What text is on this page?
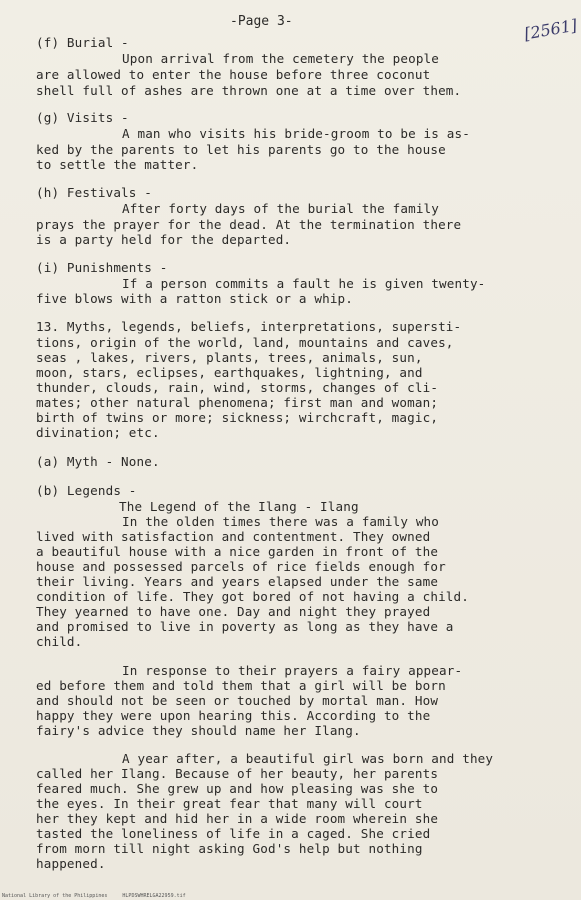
-Page 3-	[2561]
(f) Burial -
Upon arrival from the cemetery the people
are allowed to enter the house before three coconut
shell full of ashes are thrown one at a time over them.
(g) Visits -
A man who visits his bride-groom to be is as-
ked by the parents to let his parents go to the house
to settle the matter.
(h) Festivals -
After forty days of the burial the family
prays the prayer for the dead. At the termination there
is a party held for the departed.
(i) Punishments -
If a person commits a fault he is given twenty-
five blows with a ratton stick or a whip.
13. Myths, legends, beliefs, interpretations, supersti-
tions, origin of the world, land, mountains and caves,
seas , lakes, rivers, plants, trees, animals, sun,
moon, stars, eclipses, earthquakes, lightning, and
thunder, clouds, rain, wind, storms, changes of cli-
mates; other natural phenomena; first man and woman;
birth of twins or more; sickness; wirchcraft, magic,
divination; etc.
(a) Myth - None.
(b) Legends -
The Legend of the Ilang - Ilang
In the olden times there was a family who
lived with satisfaction and contentment. They owned
a beautiful house with a nice garden in front of the
house and possessed parcels of rice fields enough for
their living. Years and years elapsed under the same
condition of life. They got bored of not having a child.
They yearned to have one. Day and night they prayed
and promised to live in poverty as long as they have a
child.
In response to their prayers a fairy appear-
ed before them and told them that a girl will be born
and should not be seen or touched by mortal man. How
happy they were upon hearing this. According to the
fairy's advice they should name her Ilang.
A year after, a beautiful girl was born and they
called her Ilang. Because of her beauty, her parents
feared much. She grew up and how pleasing was she to
the eyes. In their great fear that many will court
her they kept and hid her in a wide room wherein she
tasted the loneliness of life in a caged. She cried
from morn till night asking God's help but nothing
happened.
National Library of the Philippines     HLPDSWHRELGA22959.tif
